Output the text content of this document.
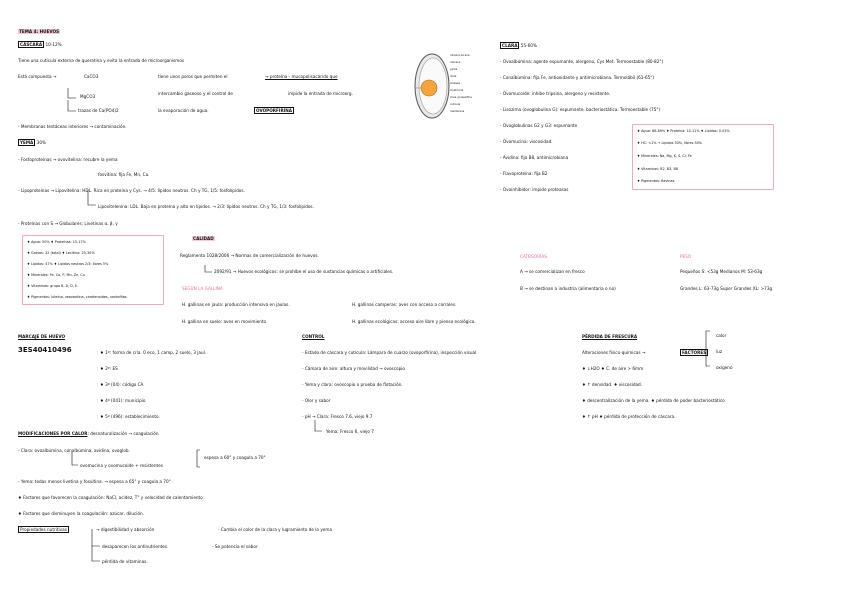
TEMA 4: HUEVOS
CÁSCARA 10-12%
Tiene una cutícula externa de queratina y evita la entrada de microorganismos
Está compuesta →	CaCO3	tiene unos poros que permiten el	→ proteína - mucopolisacárido que
MgCO3
intercambio gaseoso y el control de	impide la entrada de microorg.
trazas de Ca(PO4)2	la evaporación de agua.	OVOPORFIRINA
- Membranas testáceas interiores → contaminación.
cámara de aire
cáscara
yema
clara
chalaza
cicatrícula
clara gruesa/fina
cutícula
membrana
YEMA 30%
- Fosfoproteínas → ovovitelina: recubre la yema
fosvitina: fija Fe, Mn, Ca.
- Lipoproteínas → Lipovitelina: HDL. Rica en proteína y Cys. → 4/5: lípidos neutros. Ch y TG, 1/5: fosfolípidos.
Lipovitelenina: LDL. Baja en proteína y alta en lípidos. → 2/3: lípidos neutros. Ch y TG, 1/3: fosfolípidos.
- Proteínas con S → Globulares: Livetinas α, β, γ
♦ Agua: 50% ♦ Proteínas: 15-17%
♦ Grasas: 32 (total) ♦ Lecitina: 25-30%
♦ Lípidos: 47% ♦ Lípidos neutros 2/3; libres 5%
♦ Minerales: Fe, Ca, P, Mn, Zn, Cu
♦ Vitaminas: grupo B, A, D, E.
♦ Pigmentos: luteína, zeaxantina, carotenoides, xantofilas.
CALIDAD
Reglamento 1028/2006 → Normas de comercialización de huevos.
2092/91 → Huevos ecológicos: se prohíbe el uso de sustancias químicas o artificiales.
SEGÚN LA GALLINA
H. gallinas en jaula: producción intensiva en jaulas.	H. gallinas camperas: aves con acceso a corrales.
H. gallina en suelo: aves en movimiento	H. gallinas ecológicas: acceso aire libre y pienso ecológico.
CATEGORÍAS
A → se comercializan en fresco
B → se destinan a industria (alimentaria o no)
PESO
Pequeños S: <53g Medianos M: 53-63g
Grandes L: 63-73g Super Grandes XL: >73g
CLARA 55-60%
- Ovoalbúmina: agente espumante, alergeno, Cys Met. Termoestable (80-82°)
- Conalbúmina: fija Fe, antioxidante y antimicrobiana. Termolábil (61-65°)
- Ovomucoide: inhibe tripsina, alergeno y resistente.
- Lisozima (ovoglobulina G): espumante, bacteriostática. Termoestable (75°)
- Ovoglobulinas G2 y G3: espumante
- Ovomucina: viscosidad.
- Avidina: fija B8, antimicrobiana
- Flavoproteína: fija B2
- Ovoinhibidor: impide proteasas
♦ Agua: 88-89% ♦ Proteína: 10-11% ♦ Lípidos: 0.03%
♦ HC: <1% → Lípidos 50%, libres 50%
♦ Minerales: Na, Mg, K, S, Cl, Fe
♦ Vitaminas: B2, B3, B8
♦ Pigmentos: flavinas.
MARCAJE DE HUEVO
3ES40410496	♦ 1º: forma de cría. 0 eco, 1 camp, 2 suelo, 3 jaul.
♦ 2º: ES
♦ 3º (04): código CA
♦ 4º (041): municipio
♦ 5º (496): establecimiento.
CONTROL
- Estado de cáscara y cutícula: Lámpara de cuarzo (ovoporfirina), inspección visual
- Cámara de aire: altura y movilidad → ovoscopio
- Yema y clara: ovoscopio o prueba de flotación.
- Olor y sabor
- pH → Clara: Fresco 7.6, viejo 9.7
Yema: Fresco 6, viejo 7
PÉRDIDA DE FRESCURA
Alteraciones físico-químicas →	FACTORES
calor
luz
oxígeno
♦ ↓H2O ♦ C. de aire > 6mm
♦ ↑ densidad. ♦ viscosidad.
♦ descentralización de la yema. ♦ pérdida de poder bacteriostático
♦ ↑ pH ♦ pérdida de protección de cáscara.
MODIFICACIONES POR CALOR: desnaturalización → coagulación
- Clara: ovoalbúmina, conalbúmina, avidina, ovoglob.
ovomucina y ovomucoide + resistentes
espesa a 60° y coagula a 70°
- Yema: todas menos livetina y fosvitina. → espesa a 65° y coagula a 70°
♦ Factores que favorecen la coagulación: NaCl, acidez, T° y velocidad de calentamiento
♦ Factores que disminuyen la coagulación: azúcar, dilución.
Propiedades nutritivas	→ digestibilidad y absorción	- Cambia el color de la clara y lugramiento de la yema
desaparecen los antinutrientes.	- Se potencia el sabor
pérdida de vitaminas.
